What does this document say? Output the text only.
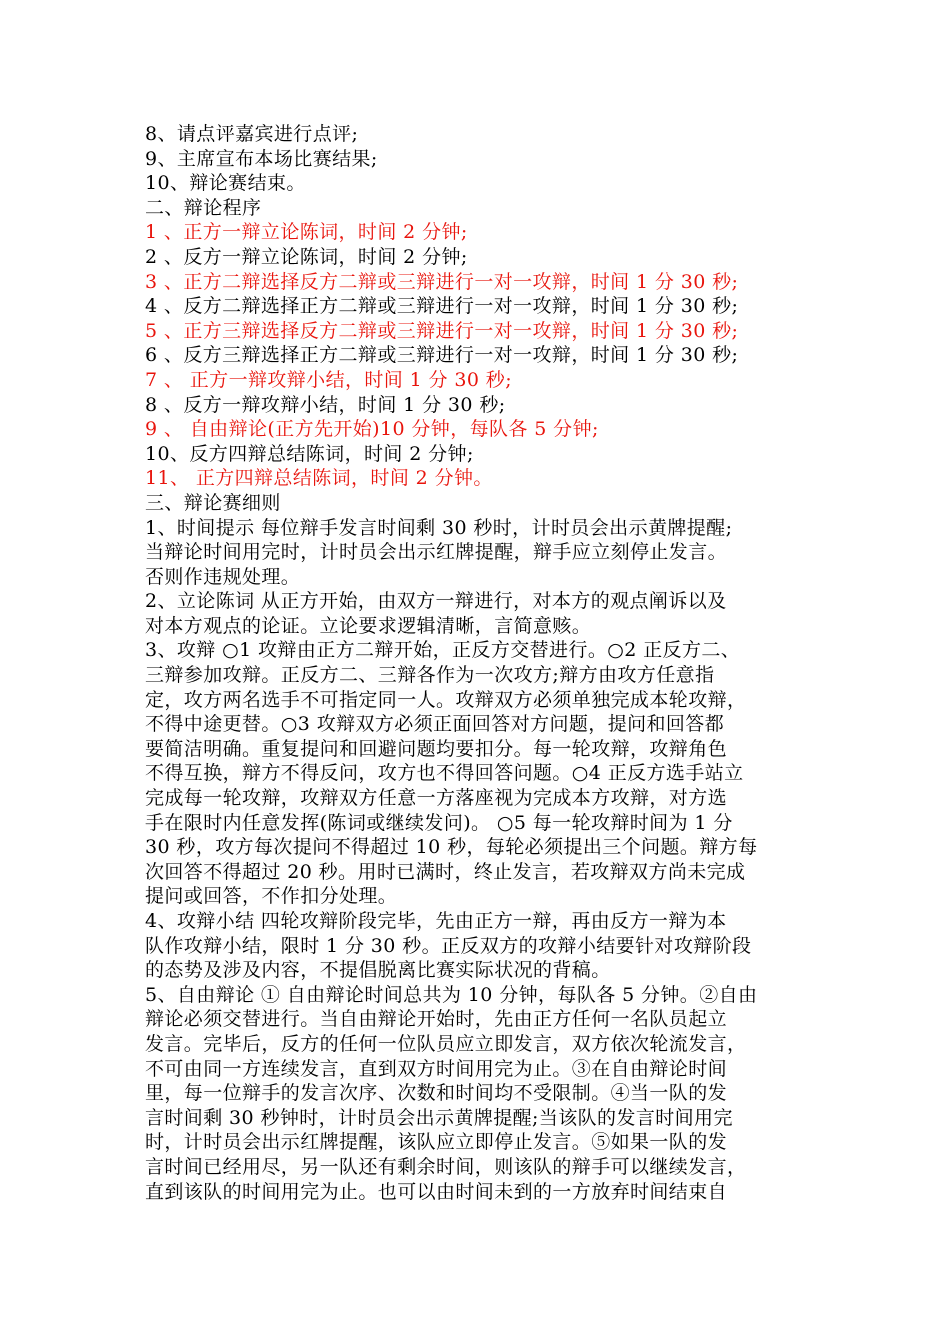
8、请点评嘉宾进行点评;
9、主席宣布本场比赛结果;
10、辩论赛结束。
二、辩论程序
1 、正方一辩立论陈词，时间 2 分钟;
2 、反方一辩立论陈词，时间 2 分钟;
3 、正方二辩选择反方二辩或三辩进行一对一攻辩，时间 1 分 30 秒;
4 、反方二辩选择正方二辩或三辩进行一对一攻辩，时间 1 分 30 秒;
5 、正方三辩选择反方二辩或三辩进行一对一攻辩，时间 1 分 30 秒;
6 、反方三辩选择正方二辩或三辩进行一对一攻辩，时间 1 分 30 秒;
7 、 正方一辩攻辩小结，时间 1 分 30 秒;
8 、反方一辩攻辩小结，时间 1 分 30 秒;
9 、 自由辩论(正方先开始)10 分钟，每队各 5 分钟;
10、反方四辩总结陈词，时间 2 分钟;
11、 正方四辩总结陈词，时间 2 分钟。
三、辩论赛细则
1、时间提示 每位辩手发言时间剩 30 秒时，计时员会出示黄牌提醒;
当辩论时间用完时，计时员会出示红牌提醒，辩手应立刻停止发言。
否则作违规处理。
2、立论陈词 从正方开始，由双方一辩进行，对本方的观点阐诉以及
对本方观点的论证。立论要求逻辑清晰，言简意赅。
3、攻辩 ○1 攻辩由正方二辩开始，正反方交替进行。○2 正反方二、
三辩参加攻辩。正反方二、三辩各作为一次攻方;辩方由攻方任意指
定，攻方两名选手不可指定同一人。攻辩双方必须单独完成本轮攻辩，
不得中途更替。○3 攻辩双方必须正面回答对方问题，提问和回答都
要简洁明确。重复提问和回避问题均要扣分。每一轮攻辩，攻辩角色
不得互换，辩方不得反问，攻方也不得回答问题。○4 正反方选手站立
完成每一轮攻辩，攻辩双方任意一方落座视为完成本方攻辩，对方选
手在限时内任意发挥(陈词或继续发问)。 ○5 每一轮攻辩时间为 1 分
30 秒，攻方每次提问不得超过 10 秒，每轮必须提出三个问题。辩方每
次回答不得超过 20 秒。用时已满时，终止发言，若攻辩双方尚未完成
提问或回答，不作扣分处理。
4、攻辩小结 四轮攻辩阶段完毕，先由正方一辩，再由反方一辩为本
队作攻辩小结，限时 1 分 30 秒。正反双方的攻辩小结要针对攻辩阶段
的态势及涉及内容，不提倡脱离比赛实际状况的背稿。
5、自由辩论 ① 自由辩论时间总共为 10 分钟，每队各 5 分钟。②自由
辩论必须交替进行。当自由辩论开始时，先由正方任何一名队员起立
发言。完毕后，反方的任何一位队员应立即发言，双方依次轮流发言，
不可由同一方连续发言，直到双方时间用完为止。③在自由辩论时间
里，每一位辩手的发言次序、次数和时间均不受限制。④当一队的发
言时间剩 30 秒钟时，计时员会出示黄牌提醒;当该队的发言时间用完
时，计时员会出示红牌提醒，该队应立即停止发言。⑤如果一队的发
言时间已经用尽，另一队还有剩余时间，则该队的辩手可以继续发言，
直到该队的时间用完为止。也可以由时间未到的一方放弃时间结束自
